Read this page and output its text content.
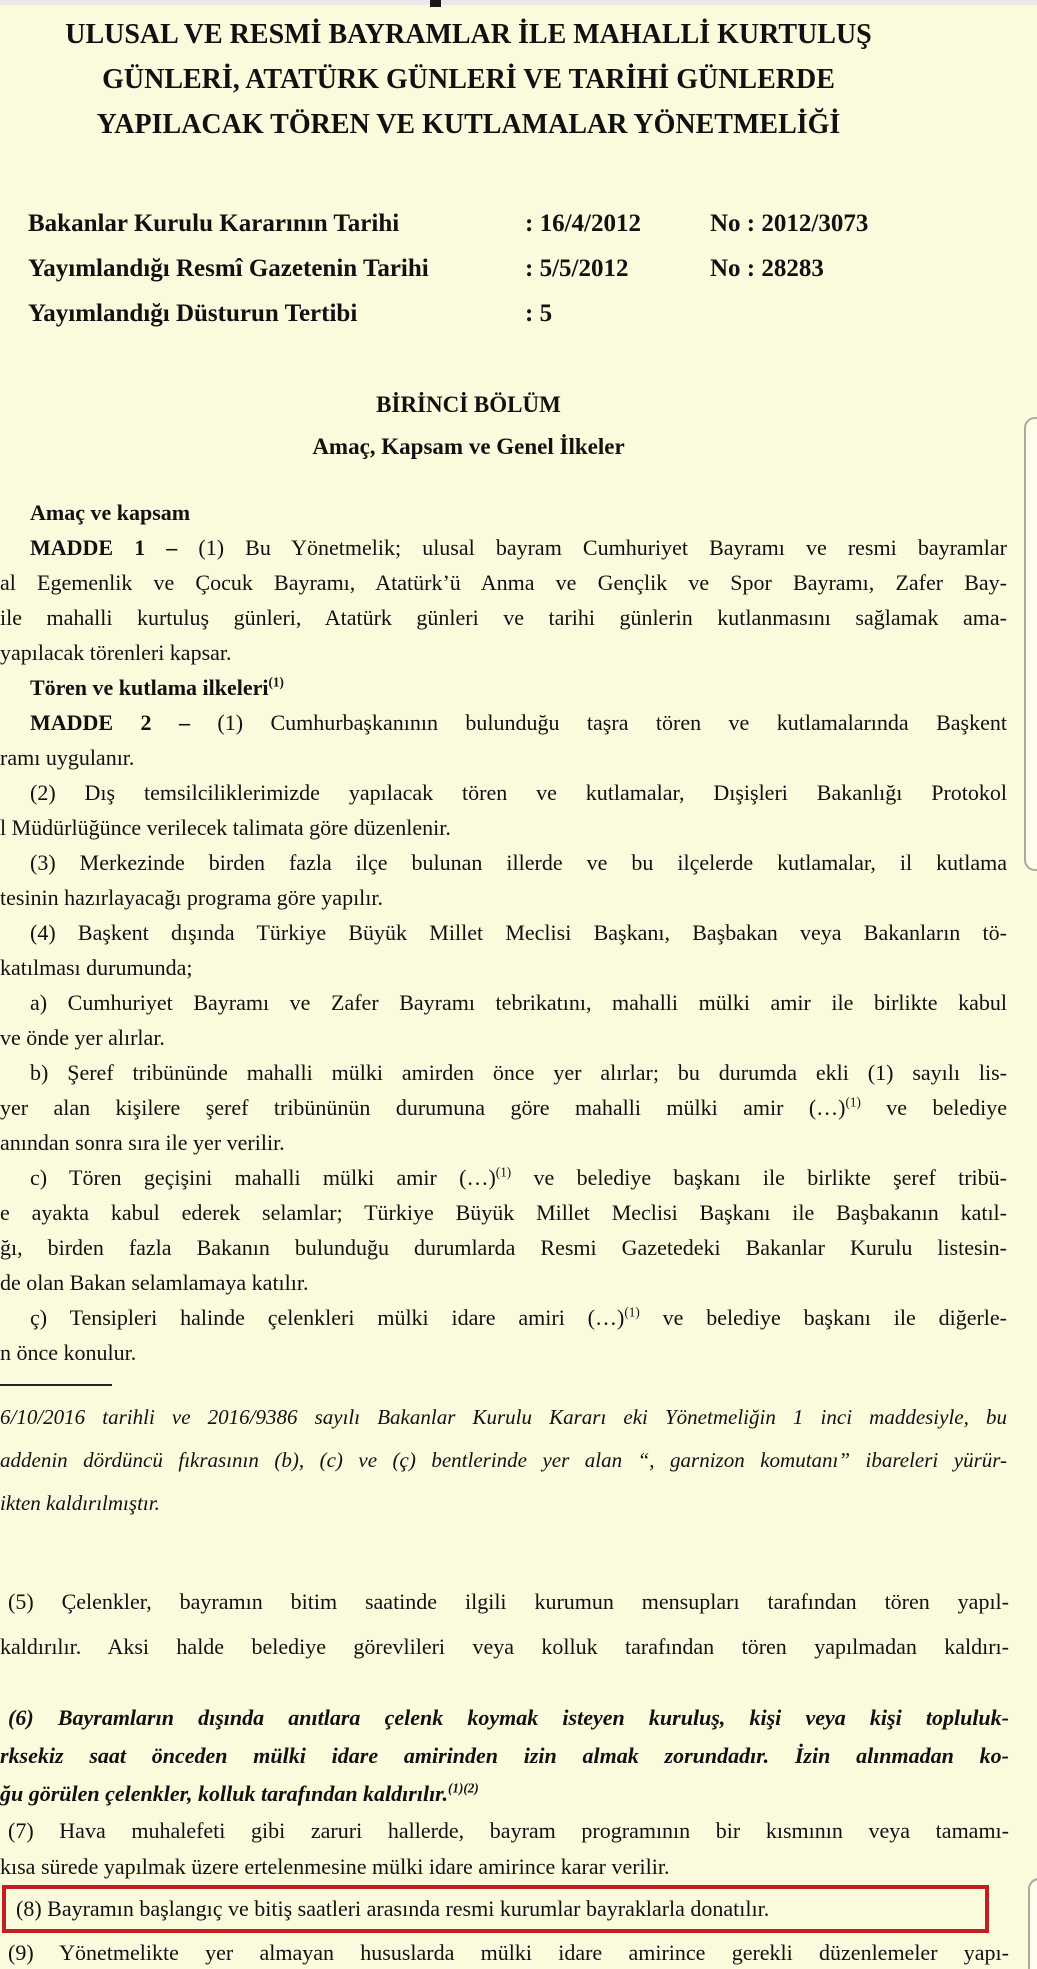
ULUSAL VE RESMİ BAYRAMLAR İLE MAHALLİ KURTULUŞ
GÜNLERİ, ATATÜRK GÜNLERİ VE TARİHİ GÜNLERDE
YAPILACAK TÖREN VE KUTLAMALAR YÖNETMELİĞİ
Bakanlar Kurulu Kararının Tarihi	: 16/4/2012	No : 2012/3073
Yayımlandığı Resmî Gazetenin Tarihi	: 5/5/2012	No : 28283
Yayımlandığı Düsturun Tertibi	: 5
BİRİNCİ BÖLÜM
Amaç, Kapsam ve Genel İlkeler
Amaç ve kapsam
MADDE 1 – (1) Bu Yönetmelik; ulusal bayram Cumhuriyet Bayramı ve resmi bayramlar
al Egemenlik ve Çocuk Bayramı, Atatürk’ü Anma ve Gençlik ve Spor Bayramı, Zafer Bay-
ile mahalli kurtuluş günleri, Atatürk günleri ve tarihi günlerin kutlanmasını sağlamak ama-
yapılacak törenleri kapsar.
Tören ve kutlama ilkeleri$^{(1)}$
MADDE 2 – (1) Cumhurbaşkanının bulunduğu taşra tören ve kutlamalarında Başkent
ramı uygulanır.
(2) Dış temsilciliklerimizde yapılacak tören ve kutlamalar, Dışişleri Bakanlığı Protokol
l Müdürlüğünce verilecek talimata göre düzenlenir.
(3) Merkezinde birden fazla ilçe bulunan illerde ve bu ilçelerde kutlamalar, il kutlama
tesinin hazırlayacağı programa göre yapılır.
(4) Başkent dışında Türkiye Büyük Millet Meclisi Başkanı, Başbakan veya Bakanların tö-
katılması durumunda;
a) Cumhuriyet Bayramı ve Zafer Bayramı tebrikatını, mahalli mülki amir ile birlikte kabul
ve önde yer alırlar.
b) Şeref tribününde mahalli mülki amirden önce yer alırlar; bu durumda ekli (1) sayılı lis-
yer alan kişilere şeref tribününün durumuna göre mahalli mülki amir (…)$^{(1)}$ ve belediye
anından sonra sıra ile yer verilir.
c) Tören geçişini mahalli mülki amir (…)$^{(1)}$ ve belediye başkanı ile birlikte şeref tribü-
e ayakta kabul ederek selamlar; Türkiye Büyük Millet Meclisi Başkanı ile Başbakanın katıl-
ğı, birden fazla Bakanın bulunduğu durumlarda Resmi Gazetedeki Bakanlar Kurulu listesin-
de olan Bakan selamlamaya katılır.
ç) Tensipleri halinde çelenkleri mülki idare amiri (…)$^{(1)}$ ve belediye başkanı ile diğerle-
n önce konulur.
6/10/2016 tarihli ve 2016/9386 sayılı Bakanlar Kurulu Kararı eki Yönetmeliğin 1 inci maddesiyle, bu
addenin dördüncü fıkrasının (b), (c) ve (ç) bentlerinde yer alan “, garnizon komutanı” ibareleri yürür-
ikten kaldırılmıştır.
(5) Çelenkler, bayramın bitim saatinde ilgili kurumun mensupları tarafından tören yapıl-
kaldırılır. Aksi halde belediye görevlileri veya kolluk tarafından tören yapılmadan kaldırı-
(6) Bayramların dışında anıtlara çelenk koymak isteyen kuruluş, kişi veya kişi topluluk-
rksekiz saat önceden mülki idare amirinden izin almak zorundadır. İzin alınmadan ko-
ğu görülen çelenkler, kolluk tarafından kaldırılır.$^{(1)(2)}$
(7) Hava muhalefeti gibi zaruri hallerde, bayram programının bir kısmının veya tamamı-
kısa sürede yapılmak üzere ertelenmesine mülki idare amirince karar verilir.
(8) Bayramın başlangıç ve bitiş saatleri arasında resmi kurumlar bayraklarla donatılır.
(9) Yönetmelikte yer almayan hususlarda mülki idare amirince gerekli düzenlemeler yapı-
